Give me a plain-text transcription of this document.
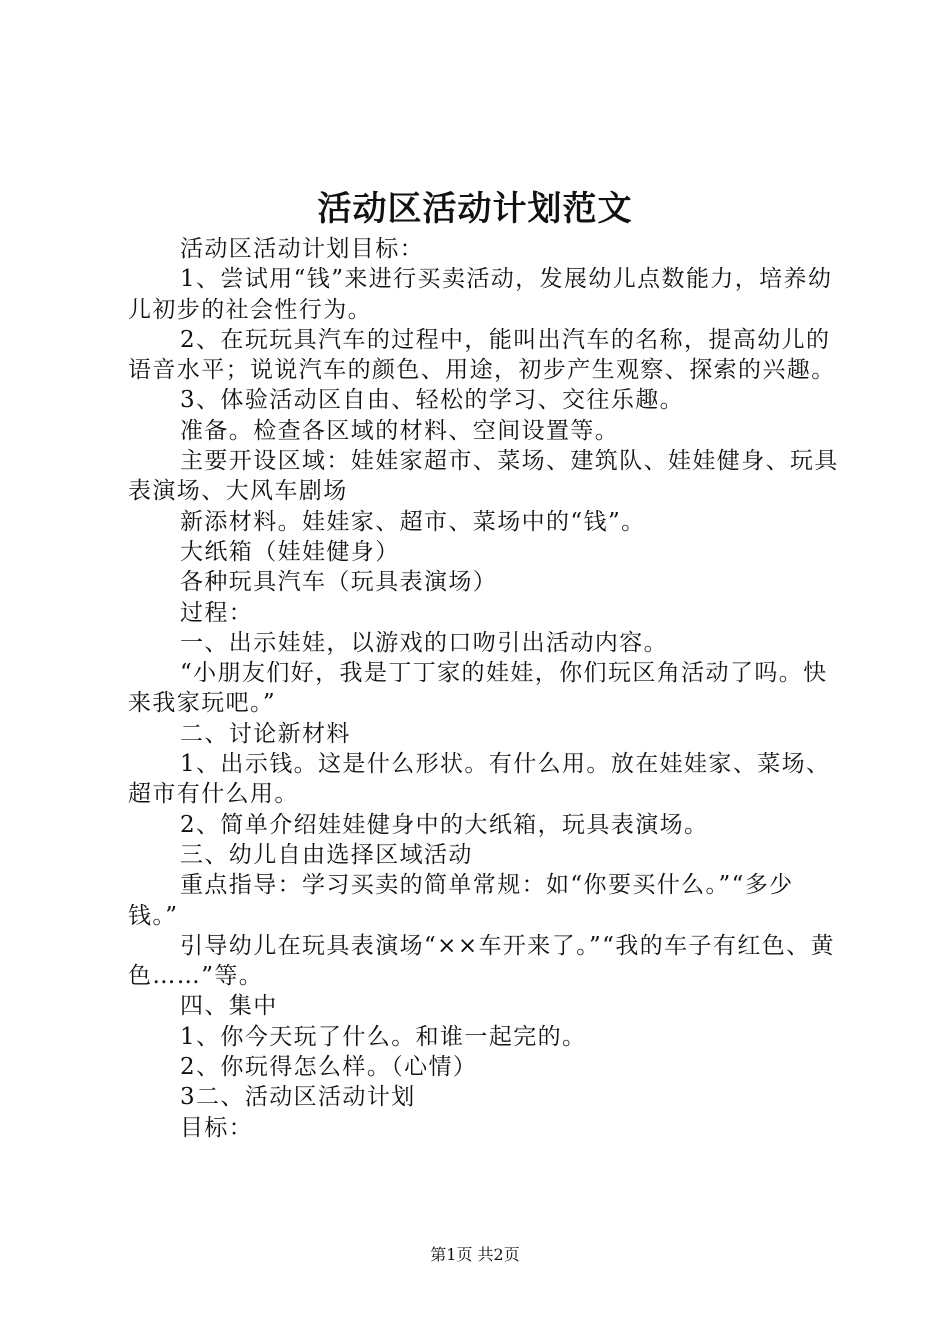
活动区活动计划范文

活动区活动计划目标：

1、尝试用“钱”来进行买卖活动，发展幼儿点数能力，培养幼儿初步的社会性行为。

2、在玩玩具汽车的过程中，能叫出汽车的名称，提高幼儿的语音水平；说说汽车的颜色、用途，初步产生观察、探索的兴趣。

3、体验活动区自由、轻松的学习、交往乐趣。

准备。检查各区域的材料、空间设置等。

主要开设区域：娃娃家超市、菜场、建筑队、娃娃健身、玩具表演场、大风车剧场

新添材料。娃娃家、超市、菜场中的“钱”。

大纸箱（娃娃健身）

各种玩具汽车（玩具表演场）

过程：

一、出示娃娃，以游戏的口吻引出活动内容。

“小朋友们好，我是丁丁家的娃娃，你们玩区角活动了吗。快来我家玩吧。”

二、讨论新材料

1、出示钱。这是什么形状。有什么用。放在娃娃家、菜场、超市有什么用。

2、简单介绍娃娃健身中的大纸箱，玩具表演场。

三、幼儿自由选择区域活动

重点指导：学习买卖的简单常规：如“你要买什么。”“多少钱。”

引导幼儿在玩具表演场“××车开来了。”“我的车子有红色、黄色……”等。

四、集中

1、你今天玩了什么。和谁一起完的。

2、你玩得怎么样。（心情）

3二、活动区活动计划

目标：

第1页 共2页
